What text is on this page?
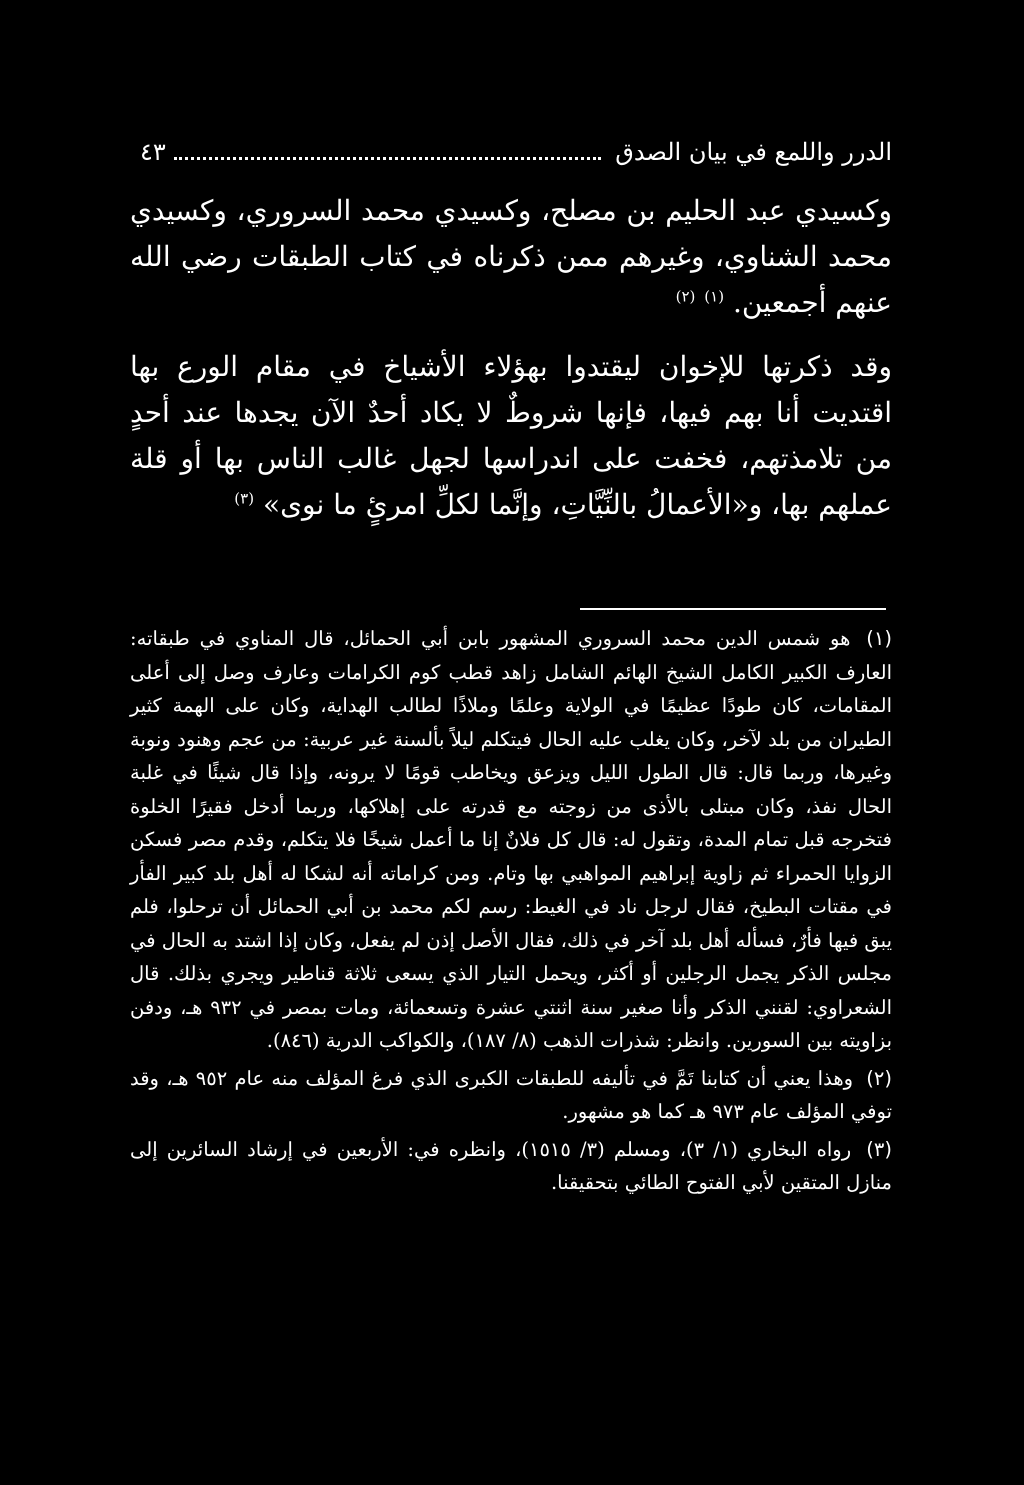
الدرر واللمع في بيان الصدق
٤٣

وكسيدي عبد الحليم بن مصلح، وكسيدي محمد السروري، وكسيدي محمد الشناوي، وغيرهم ممن ذكرناه في كتاب الطبقات رضي الله عنهم أجمعين. $^{(١)}$ $^{(٢)}$

وقد ذكرتها للإخوان ليقتدوا بهؤلاء الأشياخ في مقام الورع بها اقتديت أنا بهم فيها، فإنها شروطٌ لا يكاد أحدٌ الآن يجدها عند أحدٍ من تلامذتهم، فخفت على اندراسها لجهل غالب الناس بها أو قلة عملهم بها، و«الأعمالُ بالنِّيَّاتِ، وإنَّما لكلِّ امرئٍ ما نوى» $^{(٣)}$

(١) هو شمس الدين محمد السروري المشهور بابن أبي الحمائل، قال المناوي في طبقاته: العارف الكبير الكامل الشيخ الهائم الشامل زاهد قطب كوم الكرامات وعارف وصل إلى أعلى المقامات، كان طودًا عظيمًا في الولاية وعلمًا وملاذًا لطالب الهداية، وكان على الهمة كثير الطيران من بلد لآخر، وكان يغلب عليه الحال فيتكلم ليلاً بألسنة غير عربية: من عجم وهنود ونوبة وغيرها، وربما قال: قال الطول الليل ويزعق ويخاطب قومًا لا يرونه، وإذا قال شيئًا في غلبة الحال نفذ، وكان مبتلى بالأذى من زوجته مع قدرته على إهلاكها، وربما أدخل فقيرًا الخلوة فتخرجه قبل تمام المدة، وتقول له: قال كل فلانٌ إنا ما أعمل شيخًا فلا يتكلم، وقدم مصر فسكن الزوايا الحمراء ثم زاوية إبراهيم المواهبي بها وتام. ومن كراماته أنه لشكا له أهل بلد كبير الفأر في مقتات البطيخ، فقال لرجل ناد في الغيط: رسم لكم محمد بن أبي الحمائل أن ترحلوا، فلم يبق فيها فأرٌ، فسأله أهل بلد آخر في ذلك، فقال الأصل إذن لم يفعل، وكان إذا اشتد به الحال في مجلس الذكر يجمل الرجلين أو أكثر، ويحمل التيار الذي يسعى ثلاثة قناطير ويجري بذلك. قال الشعراوي: لقنني الذكر وأنا صغير سنة اثنتي عشرة وتسعمائة، ومات بمصر في ٩٣٢ هـ، ودفن بزاويته بين السورين. وانظر: شذرات الذهب (٨/ ١٨٧)، والكواكب الدرية (٨٤٦).

(٢) وهذا يعني أن كتابنا تَمَّ في تأليفه للطبقات الكبرى الذي فرغ المؤلف منه عام ٩٥٢ هـ، وقد توفي المؤلف عام ٩٧٣ هـ كما هو مشهور.

(٣) رواه البخاري (١/ ٣)، ومسلم (٣/ ١٥١٥)، وانظره في: الأربعين في إرشاد السائرين إلى منازل المتقين لأبي الفتوح الطائي بتحقيقنا.
